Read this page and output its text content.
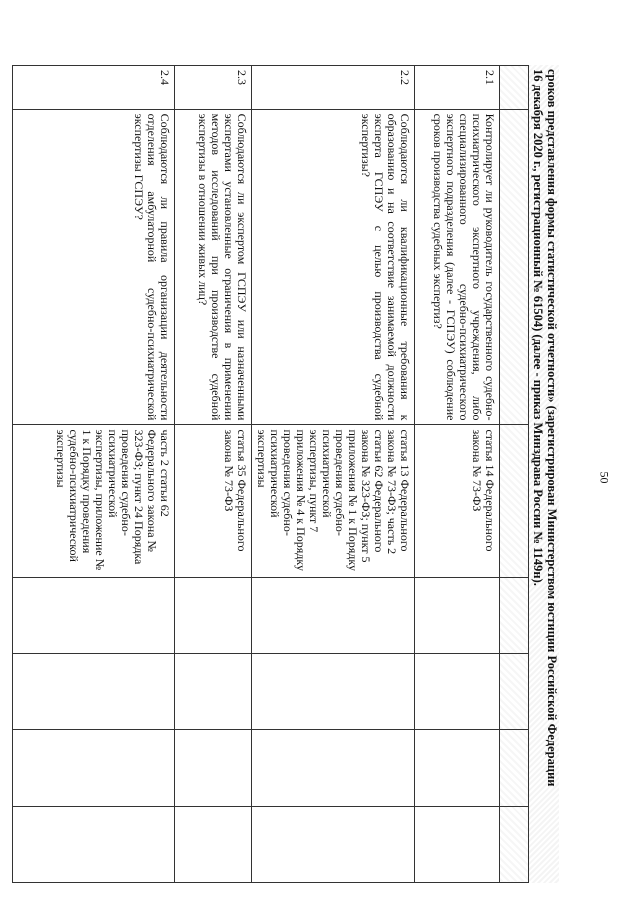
50
сроков представления формы статистической отчетности» (зарегистрирован Министерством юстиции Российской Федерации
16 декабря 2020 г., регистрационный № 61504) (далее - приказ Минздрава России № 1149н).

2.1	Контролирует ли руководитель государственного судебно-психиатрического экспертного учреждения, либо специализированного судебно-психиатрического экспертного подразделения (далее - ГСПЭУ) соблюдение сроков производства судебных экспертиз?	статья 14 Федерального закона № 73-ФЗ				
2.2	Соблюдаются ли квалификационные требования к образованию и на соответствие занимаемой должности эксперта ГСПЭУ с целью производства судебной экспертизы?	статья 13 Федерального закона № 73-ФЗ; часть 2 статьи 62 Федерального закона № 323-ФЗ; пункт 5 приложения № 1 к Порядку проведения судебно-психиатрической экспертизы, пункт 7 приложения № 4 к Порядку проведения судебно-психиатрической экспертизы				
2.3	Соблюдаются ли экспертом ГСПЭУ или назначенными экспертами установленные ограничения в применении методов исследований при производстве судебной экспертизы в отношении живых лиц?	статья 35 Федерального закона № 73-ФЗ				
2.4	Соблюдаются ли правила организации деятельности отделения амбулаторной судебно-психиатрической экспертизы ГСПЭУ?	часть 2 статьи 62 Федерального закона № 323-ФЗ; пункт 24 Порядка проведения судебно-психиатрической экспертизы, приложение № 1 к Порядку проведения судебно-психиатрической экспертизы				
